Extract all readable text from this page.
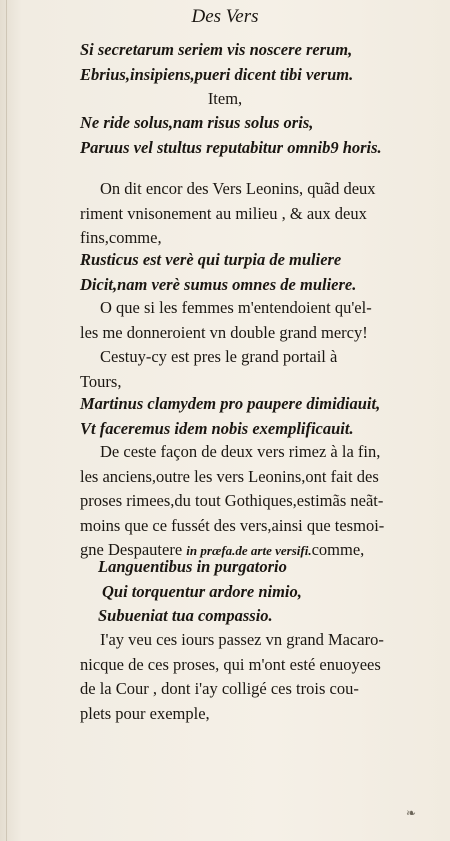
Des Vers
Si secretarum seriem vis noscere rerum,
Ebrius,insipiens,pueri dicent tibi verum.
Item,
Ne ride solus,nam risus solus oris,
Paruus vel stultus reputabitur omnib9 horis.
On dit encor des Vers Leonins, quãd deux
riment vnisonement au milieu , & aux deux
fins,comme,
Rusticus est verè qui turpia de muliere
Dicit,nam verè sumus omnes de muliere.
O que si les femmes m'entendoient qu'el-
les me donneroient vn double grand mercy!
Cestuy-cy est pres le grand portail à
Tours,
Martinus clamydem pro paupere dimidiauit,
Vt faceremus idem nobis exemplificauit.
De ceste façon de deux vers rimez à la fin,
les anciens,outre les vers Leonins,ont fait des
proses rimees,du tout Gothiques,estimãs neãt-
moins que ce fussét des vers,ainsi que tesmoi-
gne Despautere in præfa.de arte versifi.comme,
Languentibus in purgatorio
Qui torquentur ardore nimio,
Subueniat tua compassio.
I'ay veu ces iours passez vn grand Macaro-
nicque de ces proses, qui m'ont esté enuoyees
de la Cour , dont i'ay colligé ces trois cou-
plets pour exemple,
❧
